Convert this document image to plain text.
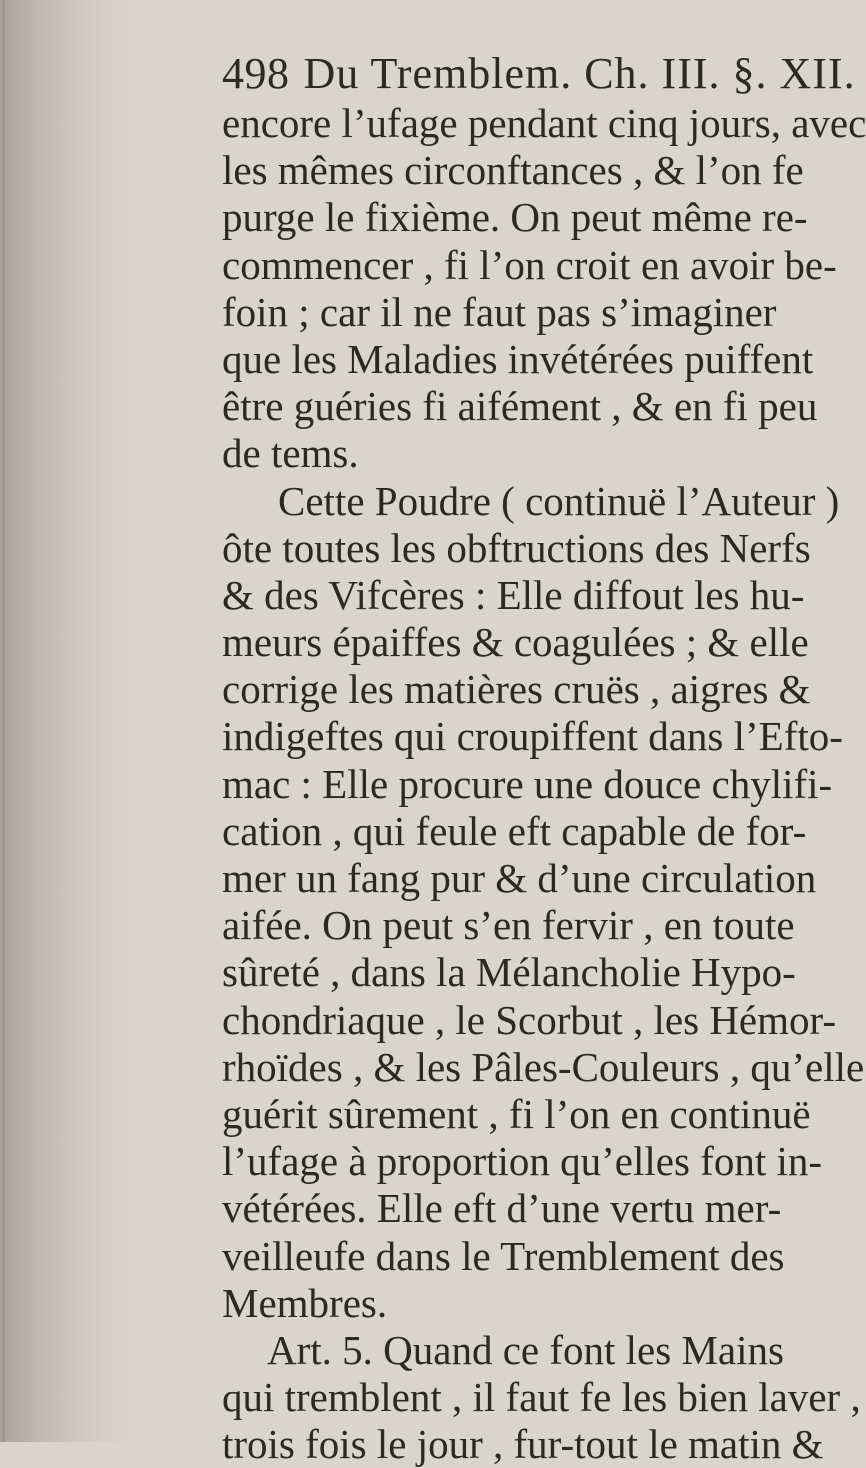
498 Du Tremblem. Ch. III. §. XII.
encore l’ufage pendant cinq jours, avec
les mêmes circonftances , & l’on fe
purge le fixième. On peut même re-
commencer , fi l’on croit en avoir be-
foin ; car il ne faut pas s’imaginer
que les Maladies invétérées puiffent
être guéries fi aifément , & en fi peu
de tems.
Cette Poudre ( continuë l’Auteur )
ôte toutes les obftructions des Nerfs
& des Vifcères : Elle diffout les hu-
meurs épaiffes & coagulées ; & elle
corrige les matières cruës , aigres &
indigeftes qui croupiffent dans l’Efto-
mac : Elle procure une douce chylifi-
cation , qui feule eft capable de for-
mer un fang pur & d’une circulation
aifée. On peut s’en fervir , en toute
sûreté , dans la Mélancholie Hypo-
chondriaque , le Scorbut , les Hémor-
rhoïdes , & les Pâles-Couleurs , qu’elle
guérit sûrement , fi l’on en continuë
l’ufage à proportion qu’elles font in-
vétérées. Elle eft d’une vertu mer-
veilleufe dans le Tremblement des
Membres.
Art. 5. Quand ce font les Mains
qui tremblent , il faut fe les bien laver ,
trois fois le jour , fur-tout le matin &
